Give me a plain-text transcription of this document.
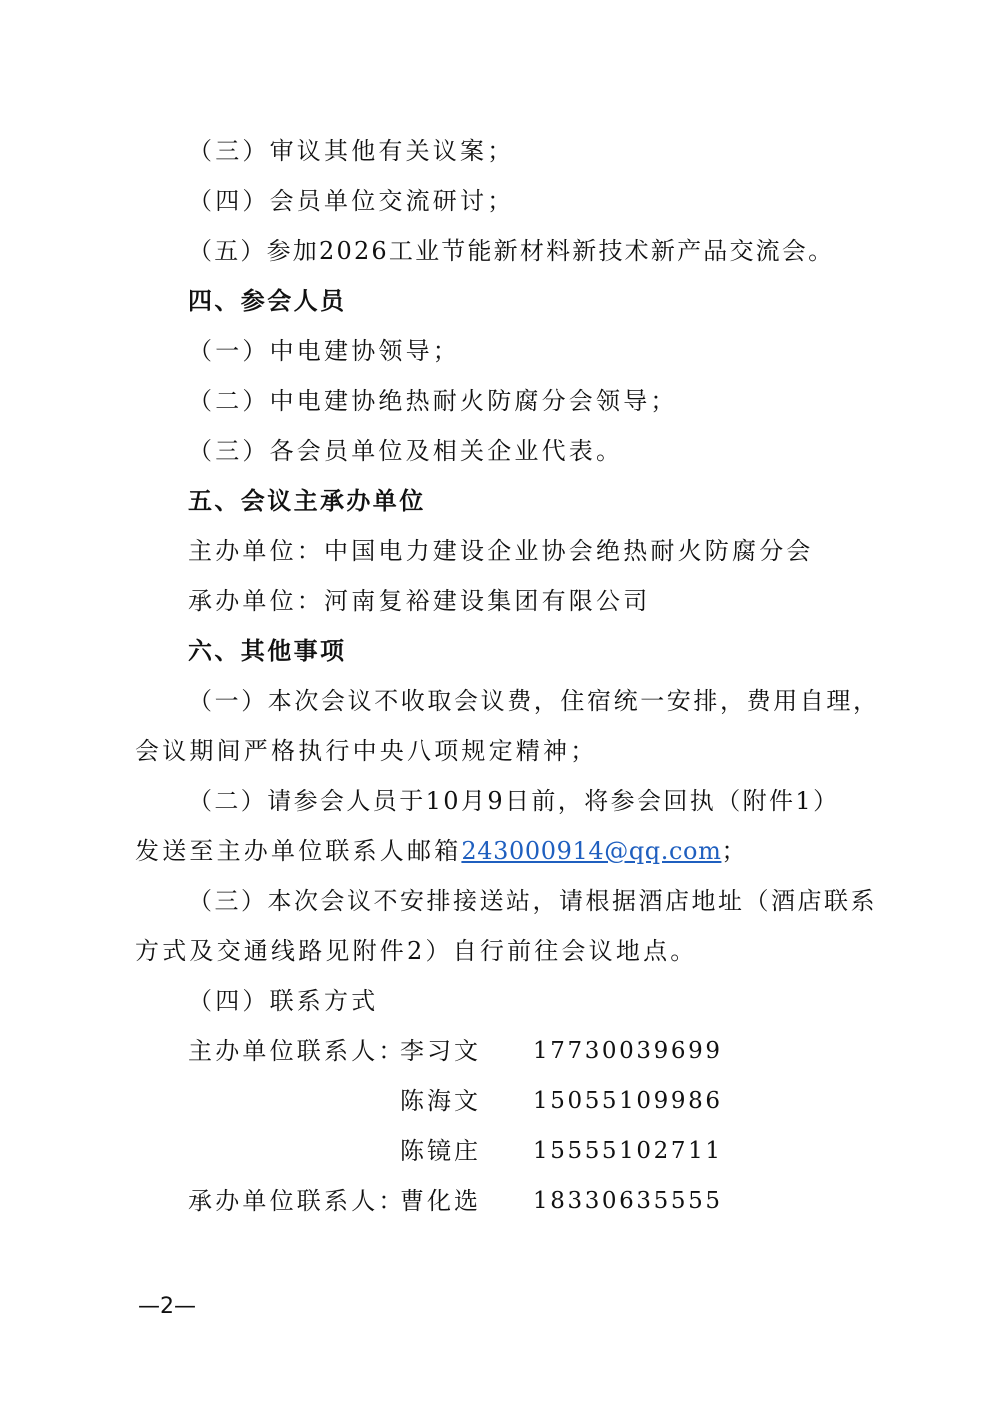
（三）审议其他有关议案；
（四）会员单位交流研讨；
（五）参加2026工业节能新材料新技术新产品交流会。
四、参会人员
（一）中电建协领导；
（二）中电建协绝热耐火防腐分会领导；
（三）各会员单位及相关企业代表。
五、会议主承办单位
主办单位：中国电力建设企业协会绝热耐火防腐分会
承办单位：河南复裕建设集团有限公司
六、其他事项
（一）本次会议不收取会议费，住宿统一安排，费用自理，
会议期间严格执行中央八项规定精神；
（二）请参会人员于10月9日前，将参会回执（附件1）
发送至主办单位联系人邮箱243000914@qq.com；
（三）本次会议不安排接送站，请根据酒店地址（酒店联系
方式及交通线路见附件2）自行前往会议地点。
（四）联系方式
主办单位联系人：
李习文 17730039699
陈海文 15055109986
陈镜庄 15555102711
承办单位联系人：
曹化选 18330635555
—2—
